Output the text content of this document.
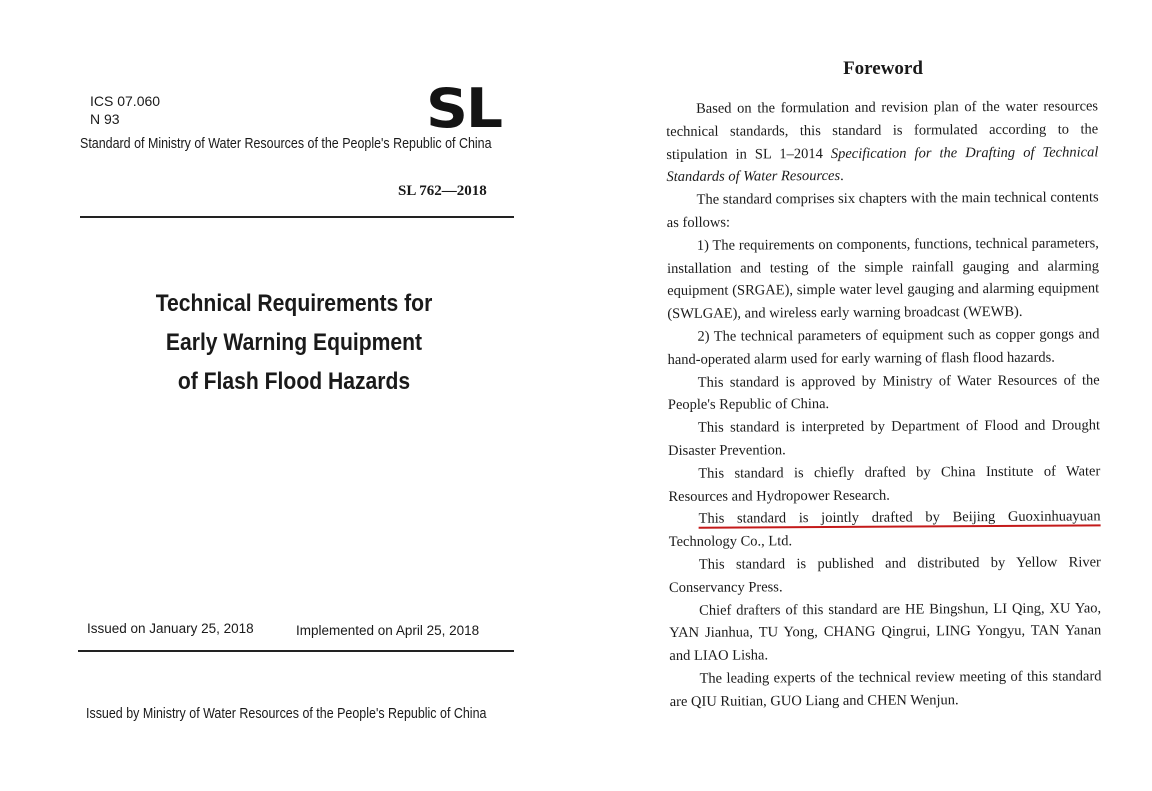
ICS 07.060
N 93	SL
Standard of Ministry of Water Resources of the People's Republic of China
SL 762—2018
Technical Requirements for
Early Warning Equipment
of Flash Flood Hazards
Issued on January 25, 2018	Implemented on April 25, 2018
Issued by Ministry of Water Resources of the People's Republic of China
Foreword

Based on the formulation and revision plan of the water resources technical standards, this standard is formulated according to the stipulation in SL 1–2014 Specification for the Drafting of Technical Standards of Water Resources.

The standard comprises six chapters with the main technical contents as follows:

1) The requirements on components, functions, technical parameters, installation and testing of the simple rainfall gauging and alarming equipment (SRGAE), simple water level gauging and alarming equipment (SWLGAE), and wireless early warning broadcast (WEWB).

2) The technical parameters of equipment such as copper gongs and hand-operated alarm used for early warning of flash flood hazards.

This standard is approved by Ministry of Water Resources of the People's Republic of China.

This standard is interpreted by Department of Flood and Drought Disaster Prevention.

This standard is chiefly drafted by China Institute of Water Resources and Hydropower Research.

This standard is jointly drafted by Beijing Guoxinhuayuan Technology Co., Ltd.

This standard is published and distributed by Yellow River Conservancy Press.

Chief drafters of this standard are HE Bingshun, LI Qing, XU Yao, YAN Jianhua, TU Yong, CHANG Qingrui, LING Yongyu, TAN Yanan and LIAO Lisha.

The leading experts of the technical review meeting of this standard are QIU Ruitian, GUO Liang and CHEN Wenjun.
